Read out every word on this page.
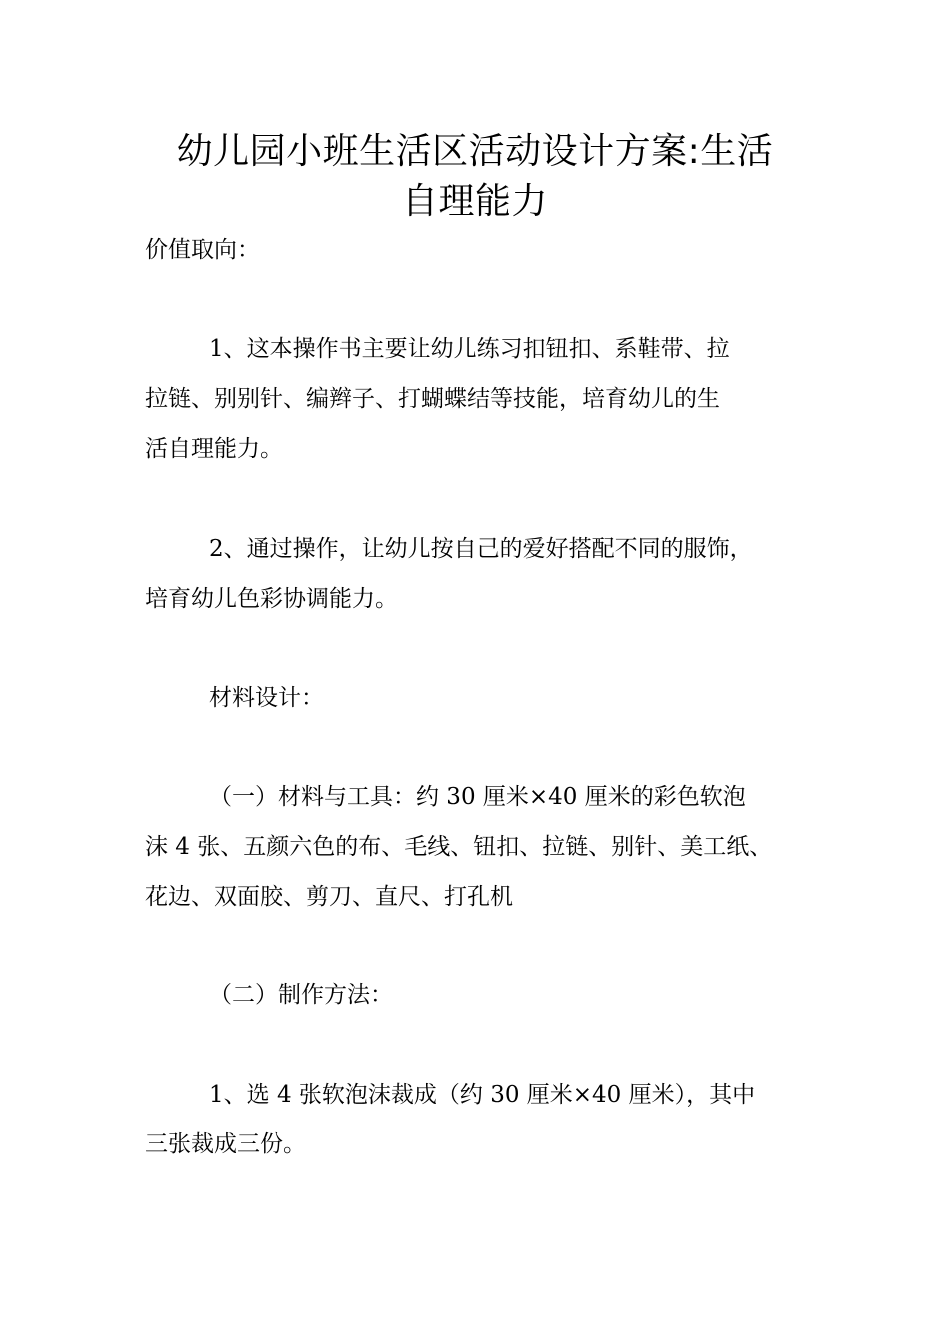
幼儿园小班生活区活动设计方案:生活
自理能力

价值取向：

1、这本操作书主要让幼儿练习扣钮扣、系鞋带、拉

拉链、别别针、编辫子、打蝴蝶结等技能，培育幼儿的生

活自理能力。

2、通过操作，让幼儿按自己的爱好搭配不同的服饰，

培育幼儿色彩协调能力。

材料设计：

（一）材料与工具：约 30 厘米×40 厘米的彩色软泡

沫 4 张、五颜六色的布、毛线、钮扣、拉链、别针、美工纸、

花边、双面胶、剪刀、直尺、打孔机

（二）制作方法：

1、选 4 张软泡沫裁成（约 30 厘米×40 厘米），其中

三张裁成三份。
